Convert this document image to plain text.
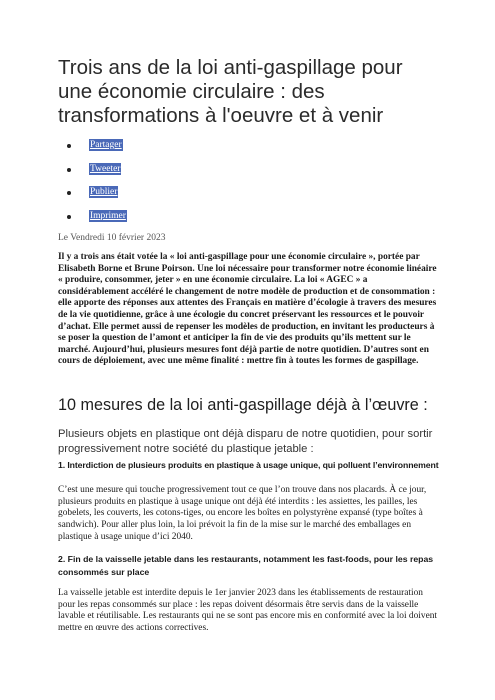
Trois ans de la loi anti-gaspillage pour une économie circulaire : des transformations à l'oeuvre et à venir
Partager
Tweeter
Publier
Imprimer
Le Vendredi 10 février 2023

Il y a trois ans était votée la « loi anti-gaspillage pour une économie circulaire », portée par Elisabeth Borne et Brune Poirson. Une loi nécessaire pour transformer notre économie linéaire « produire, consommer, jeter » en une économie circulaire. La loi « AGEC » a considérablement accéléré le changement de notre modèle de production et de consommation : elle apporte des réponses aux attentes des Français en matière d’écologie à travers des mesures de la vie quotidienne, grâce à une écologie du concret préservant les ressources et le pouvoir d’achat. Elle permet aussi de repenser les modèles de production, en invitant les producteurs à se poser la question de l’amont et anticiper la fin de vie des produits qu’ils mettent sur le marché. Aujourd’hui, plusieurs mesures font déjà partie de notre quotidien. D’autres sont en cours de déploiement, avec une même finalité : mettre fin à toutes les formes de gaspillage.

10 mesures de la loi anti-gaspillage déjà à l’œuvre :

Plusieurs objets en plastique ont déjà disparu de notre quotidien, pour sortir progressivement notre société du plastique jetable :

1. Interdiction de plusieurs produits en plastique à usage unique, qui polluent l’environnement

C’est une mesure qui touche progressivement tout ce que l’on trouve dans nos placards. À ce jour, plusieurs produits en plastique à usage unique ont déjà été interdits : les assiettes, les pailles, les gobelets, les couverts, les cotons-tiges, ou encore les boîtes en polystyrène expansé (type boîtes à sandwich). Pour aller plus loin, la loi prévoit la fin de la mise sur le marché des emballages en plastique à usage unique d’ici 2040.

2. Fin de la vaisselle jetable dans les restaurants, notamment les fast-foods, pour les repas consommés sur place

La vaisselle jetable est interdite depuis le 1er janvier 2023 dans les établissements de restauration pour les repas consommés sur place : les repas doivent désormais être servis dans de la vaisselle lavable et réutilisable. Les restaurants qui ne se sont pas encore mis en conformité avec la loi doivent mettre en œuvre des actions correctives.
